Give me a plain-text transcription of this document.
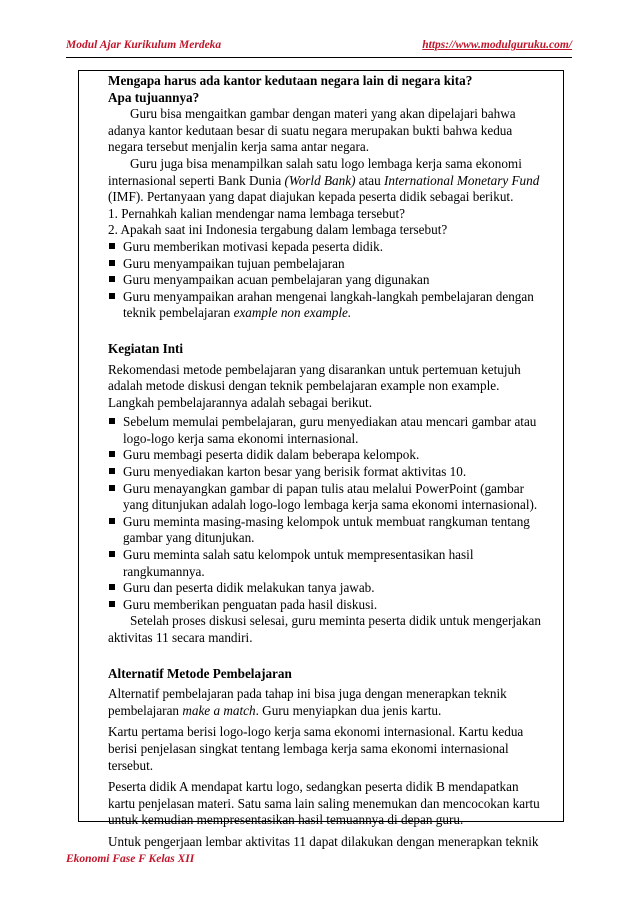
Modul Ajar Kurikulum Merdeka	https://www.modulguruku.com/

Mengapa harus ada kantor kedutaan negara lain di negara kita?

Apa tujuannya?

Guru bisa mengaitkan gambar dengan materi yang akan dipelajari bahwa adanya kantor kedutaan besar di suatu negara merupakan bukti bahwa kedua negara tersebut menjalin kerja sama antar negara.

Guru juga bisa menampilkan salah satu logo lembaga kerja sama ekonomi internasional seperti Bank Dunia (World Bank) atau International Monetary Fund (IMF). Pertanyaan yang dapat diajukan kepada peserta didik sebagai berikut.

1. Pernahkah kalian mendengar nama lembaga tersebut?

2. Apakah saat ini Indonesia tergabung dalam lembaga tersebut?

Guru memberikan motivasi kepada peserta didik.
Guru menyampaikan tujuan pembelajaran
Guru menyampaikan acuan pembelajaran yang digunakan
Guru menyampaikan arahan mengenai langkah-langkah pembelajaran dengan teknik pembelajaran example non example.

Kegiatan Inti

Rekomendasi metode pembelajaran yang disarankan untuk pertemuan ketujuh adalah metode diskusi dengan teknik pembelajaran example non example. Langkah pembelajarannya adalah sebagai berikut.

Sebelum memulai pembelajaran, guru menyediakan atau mencari gambar atau logo-logo kerja sama ekonomi internasional.
Guru membagi peserta didik dalam beberapa kelompok.
Guru menyediakan karton besar yang berisik format aktivitas 10.
Guru menayangkan gambar di papan tulis atau melalui PowerPoint (gambar yang ditunjukan adalah logo-logo lembaga kerja sama ekonomi internasional).
Guru meminta masing-masing kelompok untuk membuat rangkuman tentang gambar yang ditunjukan.
Guru meminta salah satu kelompok untuk mempresentasikan hasil rangkumannya.
Guru dan peserta didik melakukan tanya jawab.
Guru memberikan penguatan pada hasil diskusi.

Setelah proses diskusi selesai, guru meminta peserta didik untuk mengerjakan aktivitas 11 secara mandiri.

Alternatif Metode Pembelajaran

Alternatif pembelajaran pada tahap ini bisa juga dengan menerapkan teknik pembelajaran make a match. Guru menyiapkan dua jenis kartu.

Kartu pertama berisi logo-logo kerja sama ekonomi internasional. Kartu kedua berisi penjelasan singkat tentang lembaga kerja sama ekonomi internasional tersebut.

Peserta didik A mendapat kartu logo, sedangkan peserta didik B mendapatkan kartu penjelasan materi. Satu sama lain saling menemukan dan mencocokan kartu untuk kemudian mempresentasikan hasil temuannya di depan guru.

Untuk pengerjaan lembar aktivitas 11 dapat dilakukan dengan menerapkan teknik

Ekonomi Fase F Kelas XII
